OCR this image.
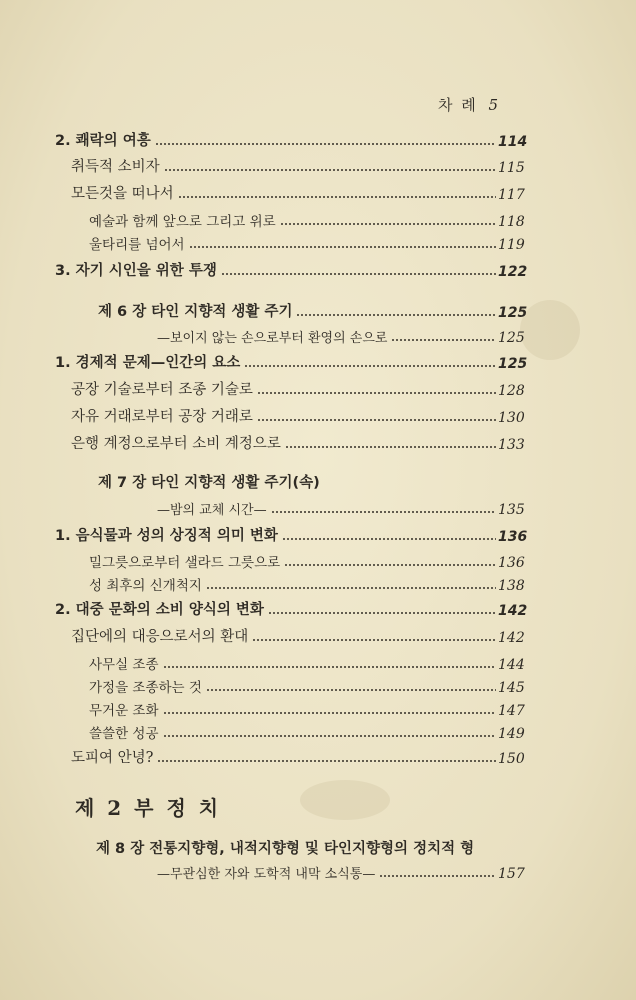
차 례 5
2. 쾌락의 여흥	114
취득적 소비자	115
모든것을 떠나서	117
예술과 함께 앞으로 그리고 위로	118
울타리를 넘어서	119
3. 자기 시인을 위한 투쟁	122
제 6 장 타인 지향적 생활 주기	125
—보이지 않는 손으로부터 환영의 손으로	125
1. 경제적 문제—인간의 요소	125
공장 기술로부터 조종 기술로	128
자유 거래로부터 공장 거래로	130
은행 계정으로부터 소비 계정으로	133
제 7 장 타인 지향적 생활 주기(속)
—밤의 교체 시간—	135
1. 음식물과 성의 상징적 의미 변화	136
밀그릇으로부터 샐라드 그릇으로	136
성 최후의 신개척지	138
2. 대중 문화의 소비 양식의 변화	142
집단에의 대응으로서의 환대	142
사무실 조종	144
가정을 조종하는 것	145
무거운 조화	147
쓸쓸한 성공	149
도피여 안녕?	150
제 2 부 정 치
제 8 장 전통지향형, 내적지향형 및 타인지향형의 정치적 형
—무관심한 자와 도학적 내막 소식통—	157
